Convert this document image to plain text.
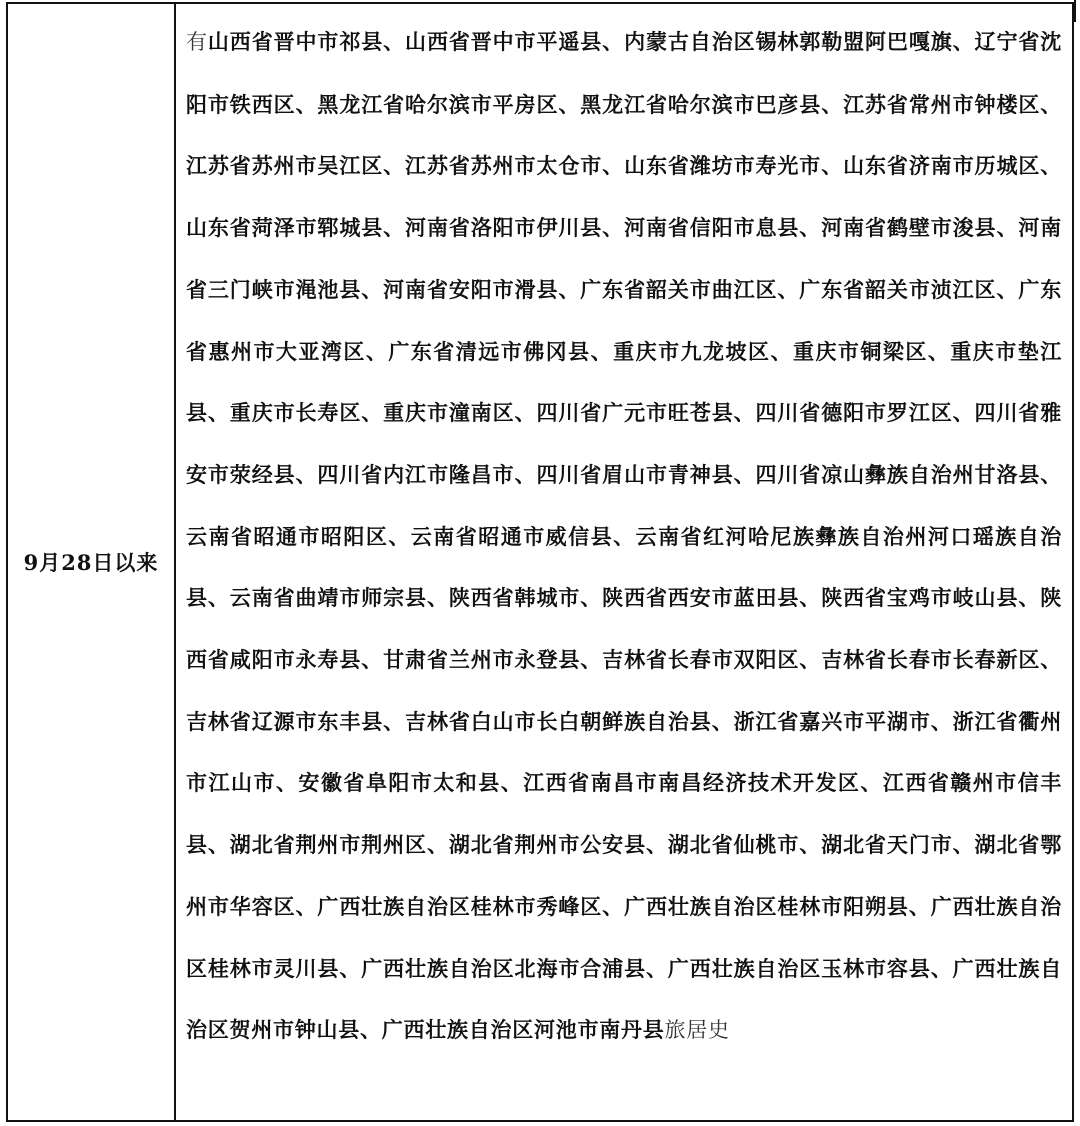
9月28日以来

有山西省晋中市祁县、山西省晋中市平遥县、内蒙古自治区锡林郭勒盟阿巴嘎旗、辽宁省沈阳市铁西区、黑龙江省哈尔滨市平房区、黑龙江省哈尔滨市巴彦县、江苏省常州市钟楼区、江苏省苏州市吴江区、江苏省苏州市太仓市、山东省潍坊市寿光市、山东省济南市历城区、山东省菏泽市郓城县、河南省洛阳市伊川县、河南省信阳市息县、河南省鹤壁市浚县、河南省三门峡市渑池县、河南省安阳市滑县、广东省韶关市曲江区、广东省韶关市浈江区、广东省惠州市大亚湾区、广东省清远市佛冈县、重庆市九龙坡区、重庆市铜梁区、重庆市垫江县、重庆市长寿区、重庆市潼南区、四川省广元市旺苍县、四川省德阳市罗江区、四川省雅安市荥经县、四川省内江市隆昌市、四川省眉山市青神县、四川省凉山彝族自治州甘洛县、云南省昭通市昭阳区、云南省昭通市威信县、云南省红河哈尼族彝族自治州河口瑶族自治县、云南省曲靖市师宗县、陕西省韩城市、陕西省西安市蓝田县、陕西省宝鸡市岐山县、陕西省咸阳市永寿县、甘肃省兰州市永登县、吉林省长春市双阳区、吉林省长春市长春新区、吉林省辽源市东丰县、吉林省白山市长白朝鲜族自治县、浙江省嘉兴市平湖市、浙江省衢州市江山市、安徽省阜阳市太和县、江西省南昌市南昌经济技术开发区、江西省赣州市信丰县、湖北省荆州市荆州区、湖北省荆州市公安县、湖北省仙桃市、湖北省天门市、湖北省鄂州市华容区、广西壮族自治区桂林市秀峰区、广西壮族自治区桂林市阳朔县、广西壮族自治区桂林市灵川县、广西壮族自治区北海市合浦县、广西壮族自治区玉林市容县、广西壮族自治区贺州市钟山县、广西壮族自治区河池市南丹县旅居史
